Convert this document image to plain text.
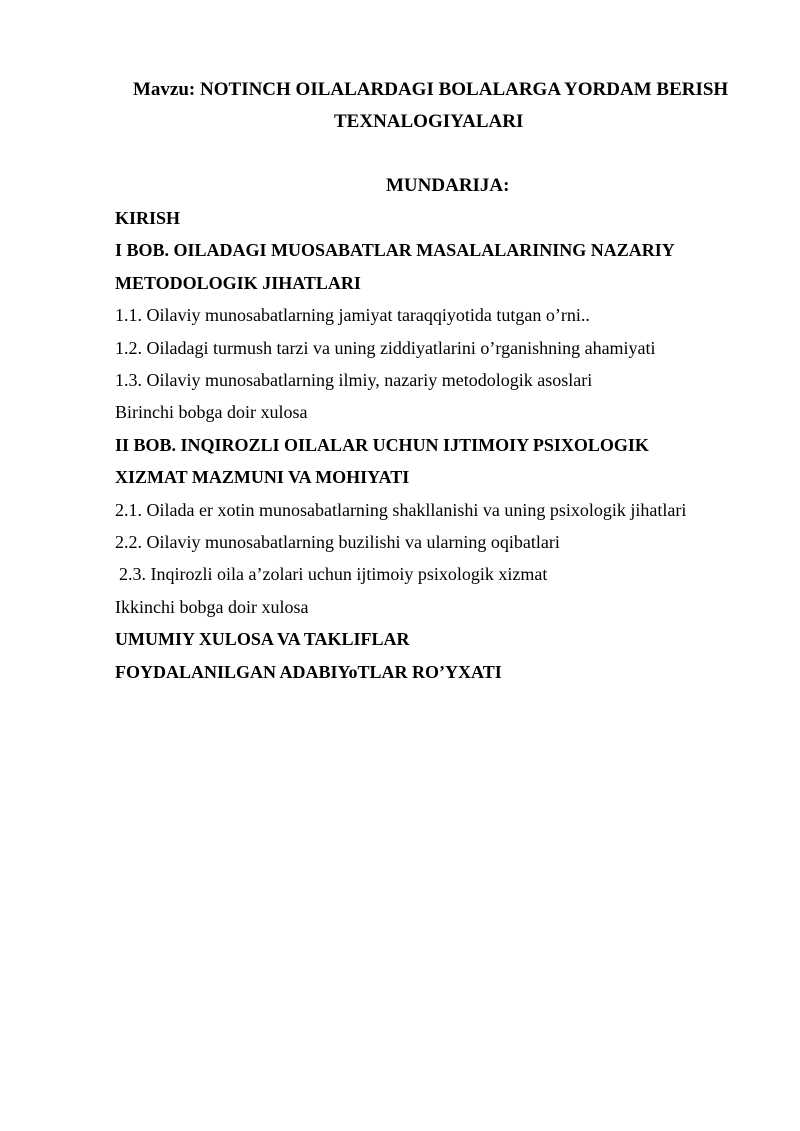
Mavzu: NOTINCH OILALARDAGI BOLALARGA YORDAM BERISH
TEXNALOGIYALARI
MUNDARIJA:
KIRISH
I BOB. OILADAGI MUOSABATLAR MASALALARINING NAZARIY
METODOLOGIK JIHATLARI
1.1. Oilaviy munosabatlarning jamiyat taraqqiyotida tutgan o’rni..
1.2. Oiladagi turmush tarzi va uning ziddiyatlarini o’rganishning ahamiyati
1.3. Oilaviy munosabatlarning ilmiy, nazariy metodologik asoslari
Birinchi bobga doir xulosa
II BOB. INQIROZLI OILALAR UCHUN IJTIMOIY PSIXOLOGIK
XIZMAT MAZMUNI VA MOHIYATI
2.1. Oilada er xotin munosabatlarning shakllanishi va uning psixologik jihatlari
2.2. Oilaviy munosabatlarning buzilishi va ularning oqibatlari
2.3. Inqirozli oila a’zolari uchun ijtimoiy psixologik xizmat
Ikkinchi bobga doir xulosa
UMUMIY XULOSA VA TAKLIFLAR
FOYDALANILGAN ADABIYoTLAR RO’YXATI
